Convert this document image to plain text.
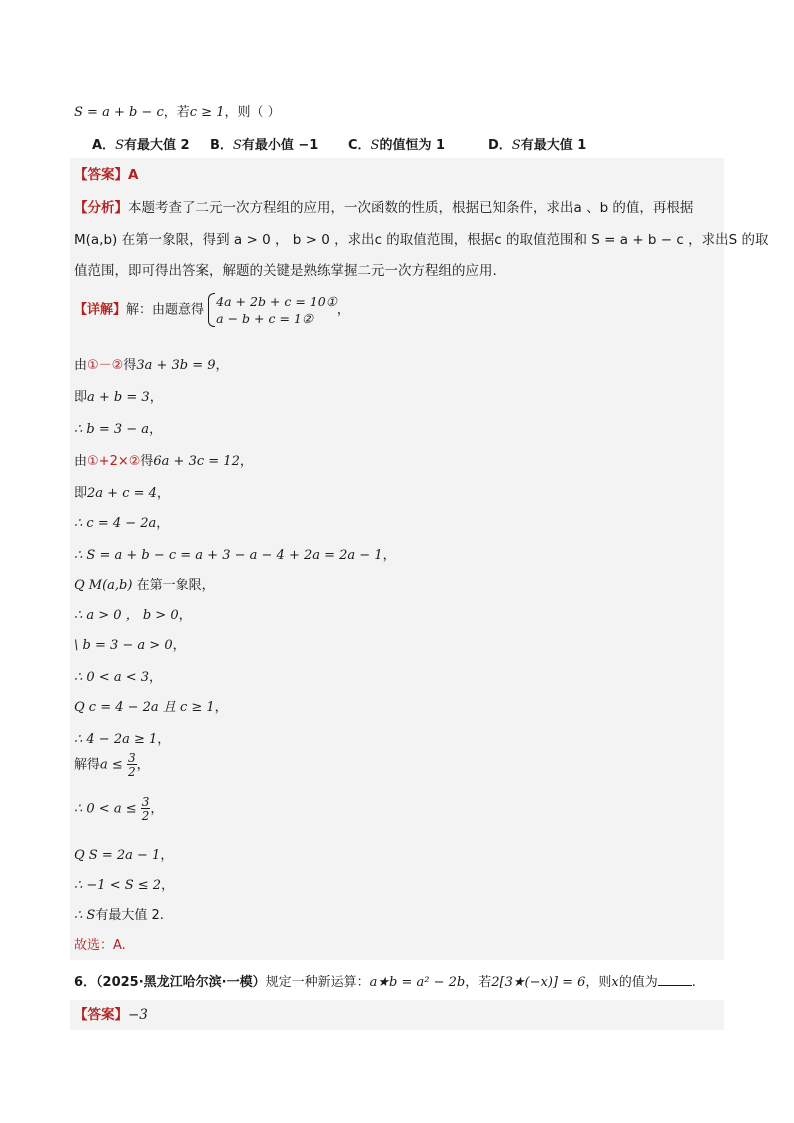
S = a + b − c，若c ≥ 1，则（ ）
A．S有最大值 2 B．S有最小值 −1 C．S的值恒为 1	D．S有最大值 1
【答案】A
【分析】本题考查了二元一次方程组的应用，一次函数的性质，根据已知条件，求出a 、b 的值，再根据
M(a,b) 在第一象限，得到 a > 0 ， b > 0 ，求出c 的取值范围，根据c 的取值范围和 S = a + b − c ，求出S 的取
值范围，即可得出答案，解题的关键是熟练掌握二元一次方程组的应用.
【详解】解：由题意得
4a + 2b + c = 10①
a − b + c = 1②
，
由①－②得3a + 3b = 9，
即a + b = 3，
∴ b = 3 − a，
由①+2×②得6a + 3c = 12，
即2a + c = 4，
∴ c = 4 − 2a，
∴ S = a + b − c = a + 3 − a − 4 + 2a = 2a − 1，
Q M(a,b) 在第一象限，
∴ a > 0 ， b > 0，
\ b = 3 − a > 0，
∴ 0 < a < 3，
Q c = 4 − 2a 且 c ≥ 1，
∴ 4 − 2a ≥ 1，
解得$a \le \frac{3}{2}$ ，
∴ $0 < a \le \frac{3}{2}$ ，
Q S = 2a − 1，
∴ −1 < S ≤ 2，
∴ S有最大值 2.
故选：A.
6．（2025·黑龙江哈尔滨·一模）规定一种新运算：a★b = a² − 2b，若2[3★(−x)] = 6，则x的值为	.
【答案】−3
